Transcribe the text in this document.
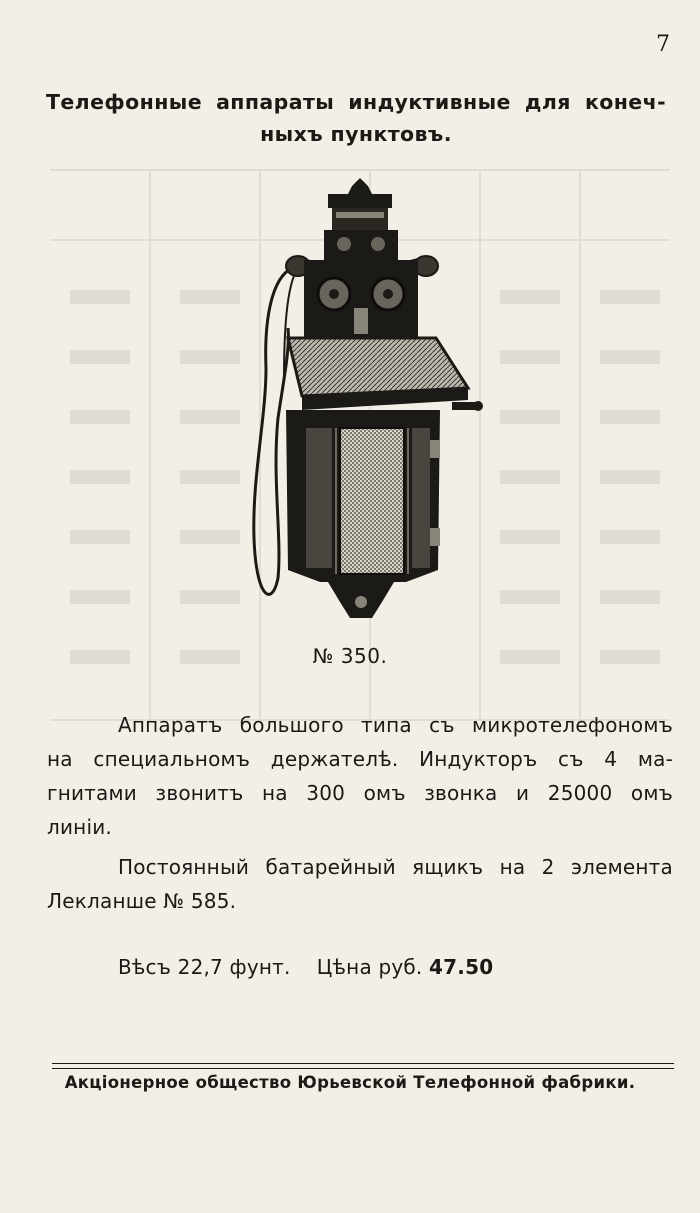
7
Телефонные аппараты индуктивные для конеч-
ныхъ пунктовъ.
№ 350.
Аппаратъ большого типа съ микротелефономъ
на специальномъ держателѣ. Индукторъ съ 4 ма-
гнитами звонитъ на 300 омъ звонка и 25000 омъ
линiи.
Постоянный батарейный ящикъ на 2 элемента
Лекланше № 585.
Вѣсъ 22,7 фунт. Цѣна руб. 47.50
Акцiонерное общество Юрьевской Телефонной фабрики.
